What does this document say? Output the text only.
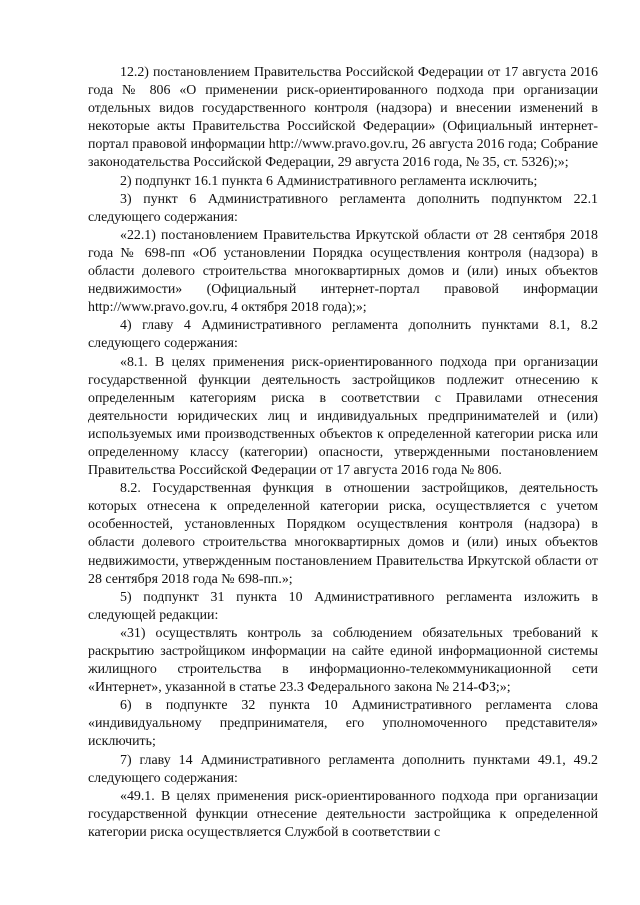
12.2) постановлением Правительства Российской Федерации от 17 августа 2016 года № 806 «О применении риск-ориентированного подхода при организации отдельных видов государственного контроля (надзора) и внесении изменений в некоторые акты Правительства Российской Федерации» (Официальный интернет-портал правовой информации http://www.pravo.gov.ru, 26 августа 2016 года; Собрание законодательства Российской Федерации, 29 августа 2016 года, № 35, ст. 5326);»;

2) подпункт 16.1 пункта 6 Административного регламента исключить;

3) пункт 6 Административного регламента дополнить подпунктом 22.1 следующего содержания:

«22.1) постановлением Правительства Иркутской области от 28 сентября 2018 года № 698-пп «Об установлении Порядка осуществления контроля (надзора) в области долевого строительства многоквартирных домов и (или) иных объектов недвижимости» (Официальный интернет-портал правовой информации http://www.pravo.gov.ru, 4 октября 2018 года);»;

4) главу 4 Административного регламента дополнить пунктами 8.1, 8.2 следующего содержания:

«8.1. В целях применения риск-ориентированного подхода при организации государственной функции деятельность застройщиков подлежит отнесению к определенным категориям риска в соответствии с Правилами отнесения деятельности юридических лиц и индивидуальных предпринимателей и (или) используемых ими производственных объектов к определенной категории риска или определенному классу (категории) опасности, утвержденными постановлением Правительства Российской Федерации от 17 августа 2016 года № 806.

8.2. Государственная функция в отношении застройщиков, деятельность которых отнесена к определенной категории риска, осуществляется с учетом особенностей, установленных Порядком осуществления контроля (надзора) в области долевого строительства многоквартирных домов и (или) иных объектов недвижимости, утвержденным постановлением Правительства Иркутской области от 28 сентября 2018 года № 698-пп.»;

5) подпункт 31 пункта 10 Административного регламента изложить в следующей редакции:

«31) осуществлять контроль за соблюдением обязательных требований к раскрытию застройщиком информации на сайте единой информационной системы жилищного строительства в информационно-телекоммуникационной сети «Интернет», указанной в статье 23.3 Федерального закона № 214-ФЗ;»;

6) в подпункте 32 пункта 10 Административного регламента слова «индивидуальному предпринимателя, его уполномоченного представителя» исключить;

7) главу 14 Административного регламента дополнить пунктами 49.1, 49.2 следующего содержания:

«49.1. В целях применения риск-ориентированного подхода при организации государственной функции отнесение деятельности застройщика к определенной категории риска осуществляется Службой в соответствии с
